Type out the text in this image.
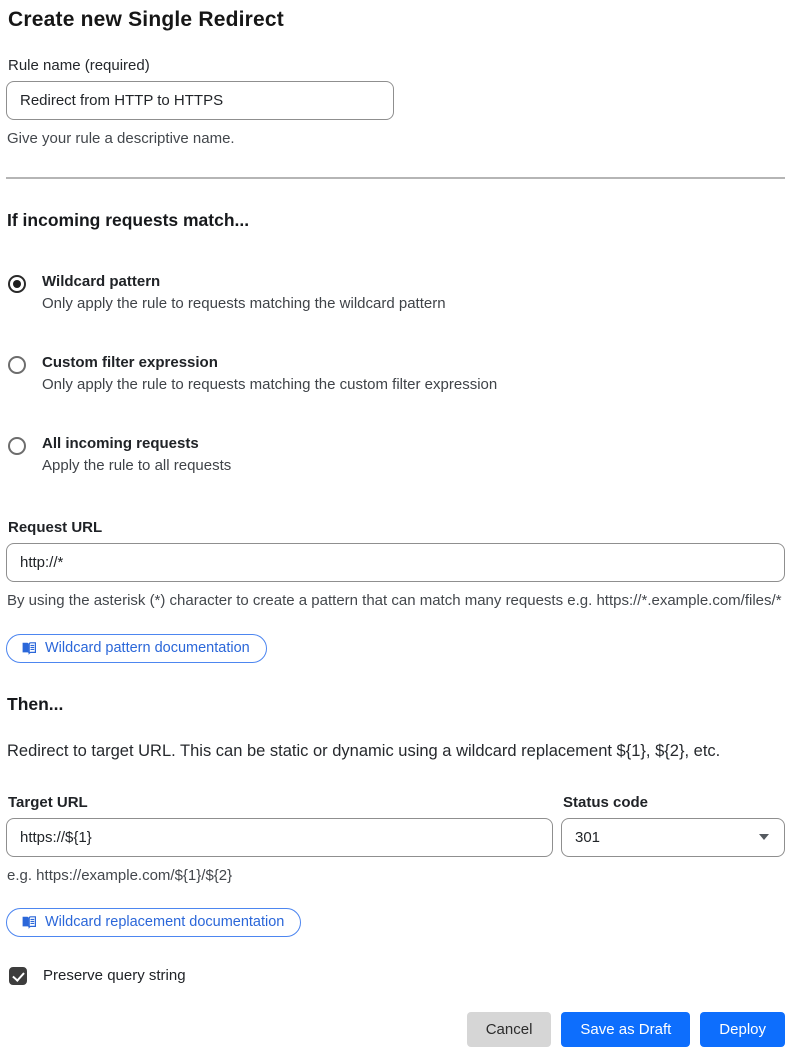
Create new Single Redirect
Rule name (required)
Redirect from HTTP to HTTPS
Give your rule a descriptive name.
If incoming requests match...
Wildcard pattern
Only apply the rule to requests matching the wildcard pattern
Custom filter expression
Only apply the rule to requests matching the custom filter expression
All incoming requests
Apply the rule to all requests
Request URL
http://*
By using the asterisk (*) character to create a pattern that can match many requests e.g. https://*.example.com/files/*
Wildcard pattern documentation
Then...

Redirect to target URL. This can be static or dynamic using a wildcard replacement ${1}, ${2}, etc.

Target URL
https://${1}
e.g. https://example.com/${1}/${2}
Status code
301
Wildcard replacement documentation
Preserve query string
Cancel	Save as Draft	Deploy
